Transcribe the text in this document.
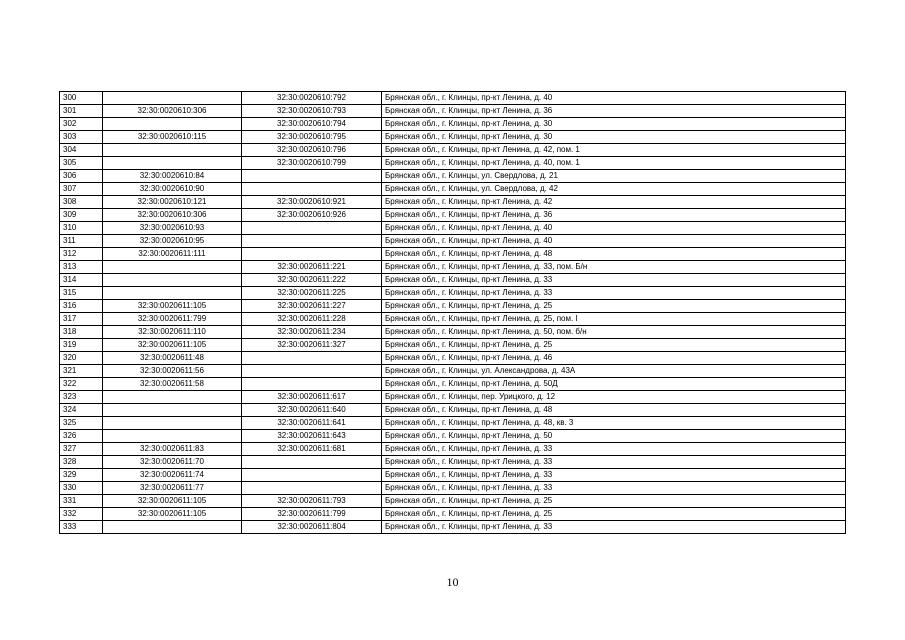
300		32:30:0020610:792	Брянская обл., г. Клинцы, пр-кт Ленина, д. 40
301	32:30:0020610:306	32:30:0020610:793	Брянская обл., г. Клинцы, пр-кт Ленина, д. 36
302		32:30:0020610:794	Брянская обл., г. Клинцы, пр-кт Ленина, д. 30
303	32:30:0020610:115	32:30:0020610:795	Брянская обл., г. Клинцы, пр-кт Ленина, д. 30
304		32:30:0020610:796	Брянская обл., г. Клинцы, пр-кт Ленина, д. 42, пом. 1
305		32:30:0020610:799	Брянская обл., г. Клинцы, пр-кт Ленина, д. 40, пом. 1
306	32:30:0020610:84		Брянская обл., г. Клинцы, ул. Свердлова, д. 21
307	32:30:0020610:90		Брянская обл., г. Клинцы, ул. Свердлова, д. 42
308	32:30:0020610:121	32:30:0020610:921	Брянская обл., г. Клинцы, пр-кт Ленина, д. 42
309	32:30:0020610:306	32:30:0020610:926	Брянская обл., г. Клинцы, пр-кт Ленина, д. 36
310	32:30:0020610:93		Брянская обл., г. Клинцы, пр-кт Ленина, д. 40
311	32:30:0020610:95		Брянская обл., г. Клинцы, пр-кт Ленина, д. 40
312	32:30:0020611:111		Брянская обл., г. Клинцы, пр-кт Ленина, д. 48
313		32:30:0020611:221	Брянская обл., г. Клинцы, пр-кт Ленина, д. 33, пом. Б/н
314		32:30:0020611:222	Брянская обл., г. Клинцы, пр-кт Ленина, д. 33
315		32:30:0020611:225	Брянская обл., г. Клинцы, пр-кт Ленина, д. 33
316	32:30:0020611:105	32:30:0020611:227	Брянская обл., г. Клинцы, пр-кт Ленина, д. 25
317	32:30:0020611:799	32:30:0020611:228	Брянская обл., г. Клинцы, пр-кт Ленина, д. 25, пом. I
318	32:30:0020611:110	32:30:0020611:234	Брянская обл., г. Клинцы, пр-кт Ленина, д. 50, пом. б/н
319	32:30:0020611:105	32:30:0020611:327	Брянская обл., г. Клинцы, пр-кт Ленина, д. 25
320	32:30:0020611:48		Брянская обл., г. Клинцы, пр-кт Ленина, д. 46
321	32:30:0020611:56		Брянская обл., г. Клинцы, ул. Александрова, д. 43А
322	32:30:0020611:58		Брянская обл., г. Клинцы, пр-кт Ленина, д. 50Д
323		32:30:0020611:617	Брянская обл., г. Клинцы, пер. Урицкого, д. 12
324		32:30:0020611:640	Брянская обл., г. Клинцы, пр-кт Ленина, д. 48
325		32:30:0020611:641	Брянская обл., г. Клинцы, пр-кт Ленина, д. 48, кв. 3
326		32:30:0020611:643	Брянская обл., г. Клинцы, пр-кт Ленина, д. 50
327	32:30:0020611:83	32:30:0020611:681	Брянская обл., г. Клинцы, пр-кт Ленина, д. 33
328	32:30:0020611:70		Брянская обл., г. Клинцы, пр-кт Ленина, д. 33
329	32:30:0020611:74		Брянская обл., г. Клинцы, пр-кт Ленина, д. 33
330	32:30:0020611:77		Брянская обл., г. Клинцы, пр-кт Ленина, д. 33
331	32:30:0020611:105	32:30:0020611:793	Брянская обл., г. Клинцы, пр-кт Ленина, д. 25
332	32:30:0020611:105	32:30:0020611:799	Брянская обл., г. Клинцы, пр-кт Ленина, д. 25
333		32:30:0020611:804	Брянская обл., г. Клинцы, пр-кт Ленина, д. 33
10
